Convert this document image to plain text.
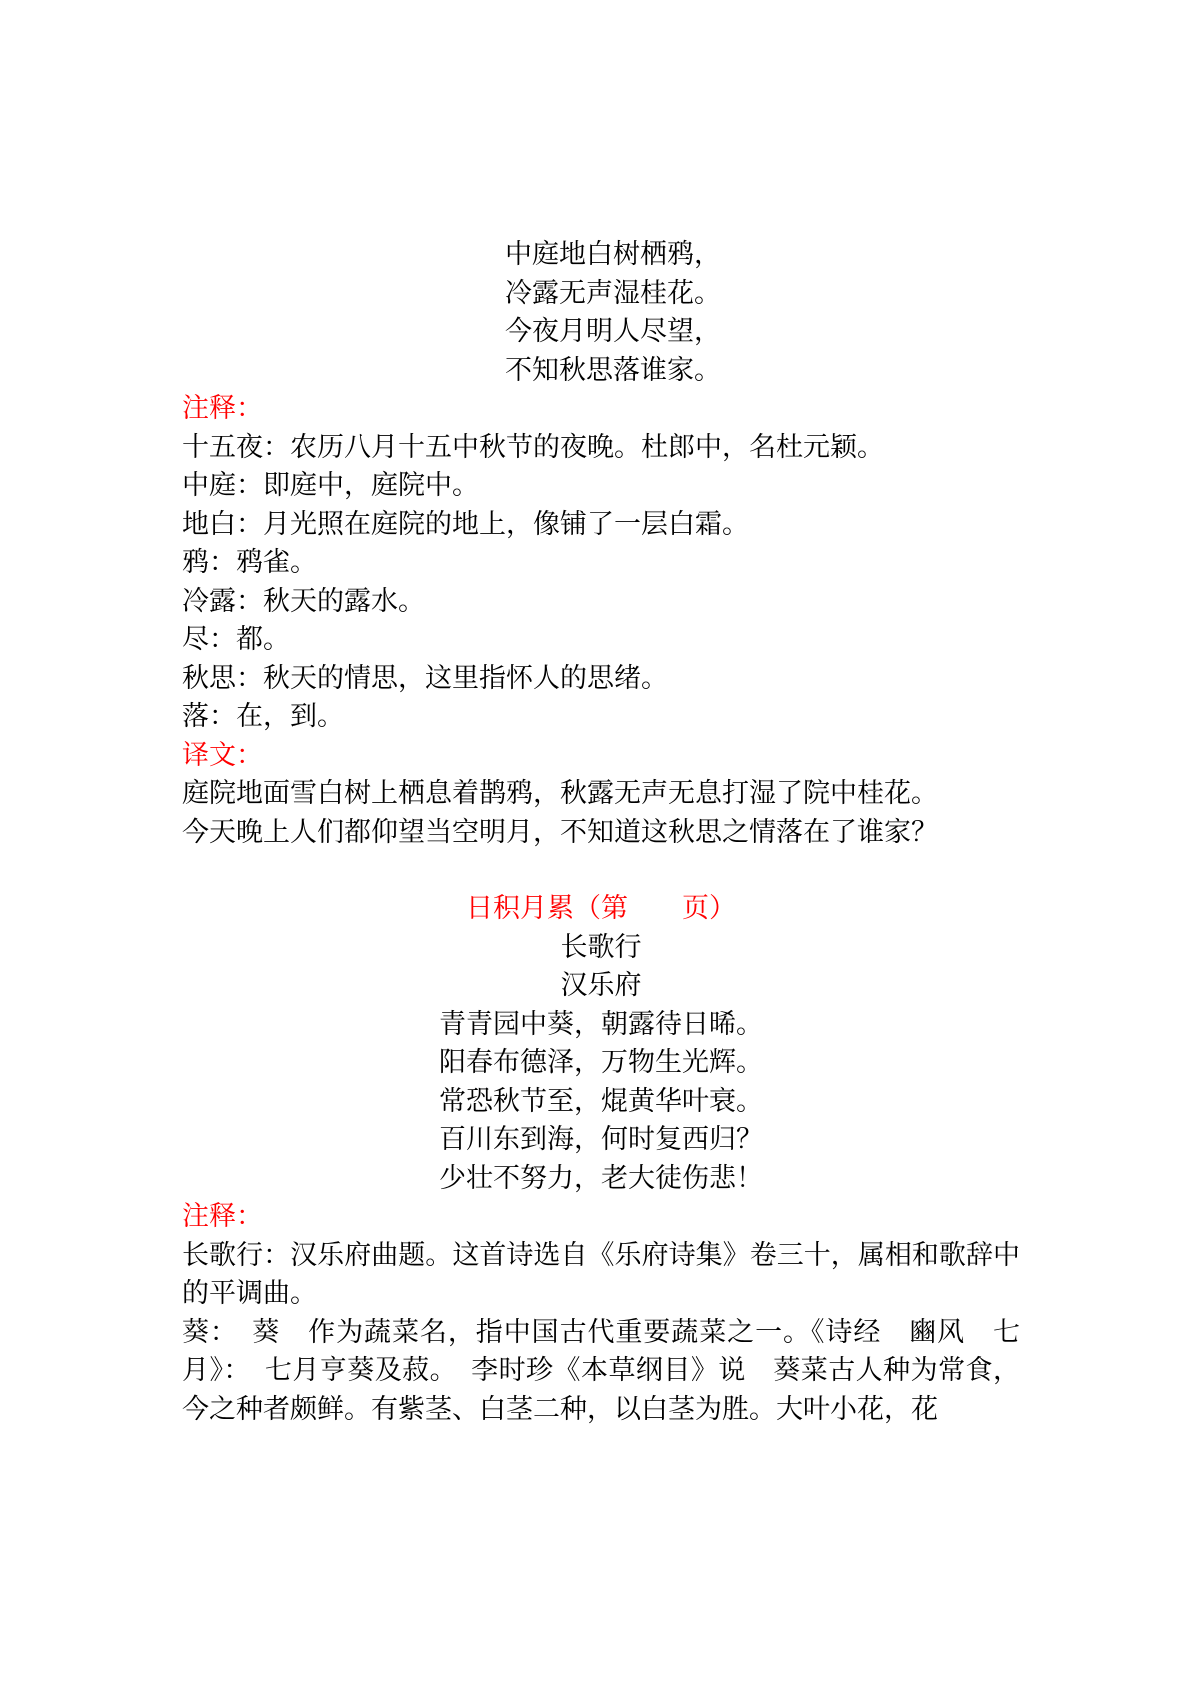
中庭地白树栖鸦，
冷露无声湿桂花。
今夜月明人尽望，
不知秋思落谁家。
注释：
十五夜：农历八月十五中秋节的夜晚。杜郎中，名杜元颖。
中庭：即庭中，庭院中。
地白：月光照在庭院的地上，像铺了一层白霜。
鸦：鸦雀。
冷露：秋天的露水。
尽：都。
秋思：秋天的情思，这里指怀人的思绪。
落：在，到。
译文：
庭院地面雪白树上栖息着鹊鸦，秋露无声无息打湿了院中桂花。
今天晚上人们都仰望当空明月，不知道这秋思之情落在了谁家？
日积月累（第　　页）
长歌行
汉乐府
青青园中葵，朝露待日晞。
阳春布德泽，万物生光辉。
常恐秋节至，焜黄华叶衰。
百川东到海，何时复西归？
少壮不努力，老大徒伤悲！
注释：
长歌行：汉乐府曲题。这首诗选自《乐府诗集》卷三十，属相和歌辞中的平调曲。
葵：　葵　作为蔬菜名，指中国古代重要蔬菜之一。《诗经　豳风　七月》：　七月亨葵及菽。　李时珍《本草纲目》说　葵菜古人种为常食，今之种者颇鲜。有紫茎、白茎二种，以白茎为胜。大叶小花，花
